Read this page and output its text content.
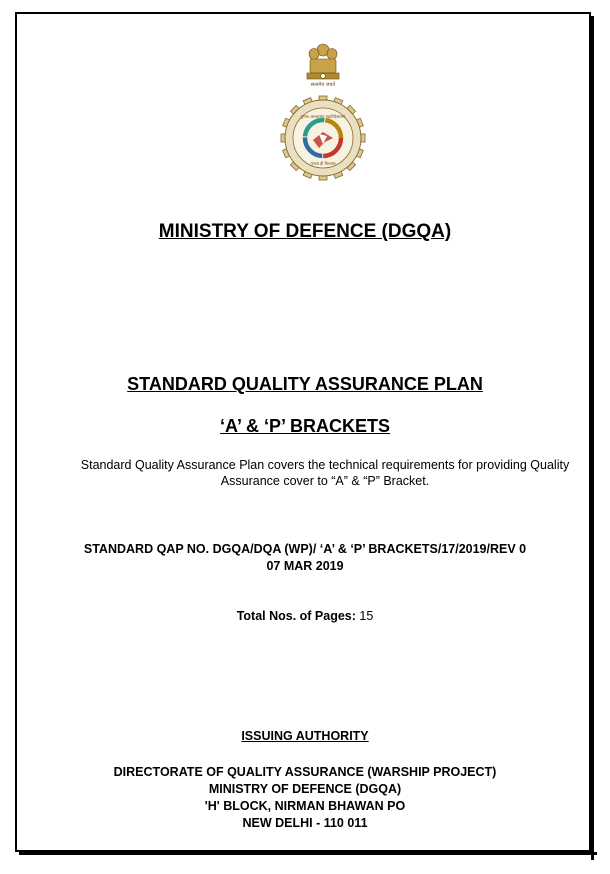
सत्यमेव जयते
गुणता आश्वासन महानिदेशालय
गुणता ही विश्वास
MINISTRY OF DEFENCE (DGQA)
STANDARD QUALITY ASSURANCE PLAN
‘A’ & ‘P’ BRACKETS
Standard Quality Assurance Plan covers the technical requirements for providing Quality Assurance cover to “A” & “P” Bracket.
STANDARD QAP NO. DGQA/DQA (WP)/ ‘A’ & ‘P’ BRACKETS/17/2019/REV 0
07 MAR 2019
Total Nos. of Pages: 15
ISSUING AUTHORITY
DIRECTORATE OF QUALITY ASSURANCE (WARSHIP PROJECT)
MINISTRY OF DEFENCE (DGQA)
'H' BLOCK, NIRMAN BHAWAN PO
NEW DELHI - 110 011
